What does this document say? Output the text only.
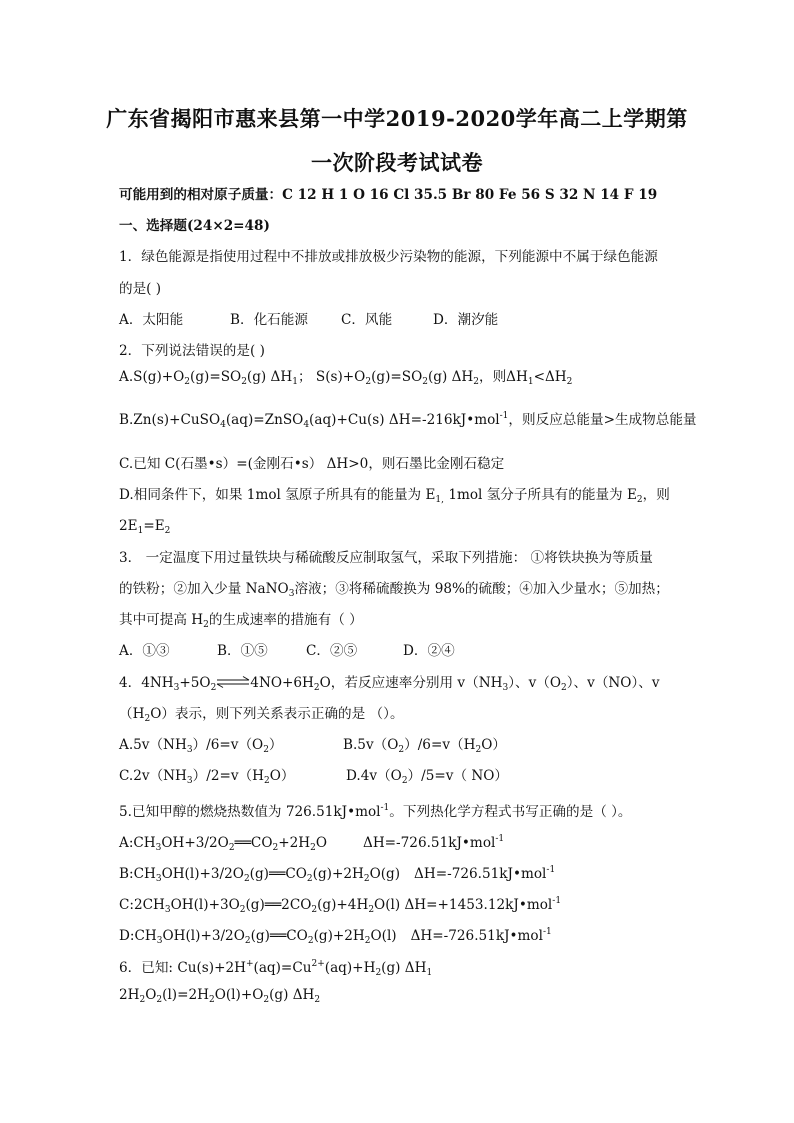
广东省揭阳市惠来县第一中学2019-2020学年高二上学期第
一次阶段考试试卷
可能用到的相对原子质量：C 12 H 1 O 16 Cl 35.5 Br 80 Fe 56 S 32 N 14 F 19
一、选择题(24×2=48)
1．绿色能源是指使用过程中不排放或排放极少污染物的能源，下列能源中不属于绿色能源
的是( )
A．太阳能	B．化石能源 C．风能	D．潮汐能
2．下列说法错误的是( )
$A.S(g)+O_2(g)=SO_2(g)$ $\Delta H_1$； $S(s)+O_2(g)=SO_2(g)$ $\Delta H_2$，则$\Delta H_1<\Delta H_2$
B.Zn(s)+CuSO$_4$(aq)=ZnSO$_4$(aq)+Cu(s) ΔH=-216kJ•mol$^{-1}$，则反应总能量>生成物总能量
C.已知 C(石墨•s）=(金刚石•s） ΔH>0，则石墨比金刚石稳定
D.相同条件下，如果 1mol 氢原子所具有的能量为 $E_{1,}$ 1mol 氢分子所具有的能量为 $E_2$，则
$2E_1=E_2$
3． 一定温度下用过量铁块与稀硫酸反应制取氢气，采取下列措施： ①将铁块换为等质量
的铁粉；②加入少量 NaNO$_3$溶液；③将稀硫酸换为 98%的硫酸；④加入少量水；⑤加热；
其中可提高 $H_2$的生成速率的措施有（ ）
A．①③	B．①⑤	C．②⑤	D．②④
4．$4NH_3+5O_2\rightleftharpoons 4NO+6H_2O$，若反应速率分别用 $v(NH_3)$、$v(O_2)$、v（NO）、v
$(H_2O)$表示，则下列关系表示正确的是 （）。
$A.5v(NH_3)/6=v(O_2)$	$B.5v(O_2)/6=v(H_2O)$
$C.2v(NH_3)/2=v(H_2O)$	$D.4v(O_2)/5=v$（ NO）
5.已知甲醇的燃烧热数值为 726.51kJ•mol$^{-1}$。下列热化学方程式书写正确的是（ ）。
$A:CH_3OH+3/2O_2══CO_2+2H_2O$	ΔH=-726.51kJ•mol$^{-1}$
$B:CH_3OH(l)+3/2O_2(g)══CO_2(g)+2H_2O(g)$ ΔH=-726.51kJ•mol$^{-1}$
$C:2CH_3OH(l)+3O_2(g)══2CO_2(g)+4H_2O(l)$ ΔH=+1453.12kJ•mol$^{-1}$
$D:CH_3OH(l)+3/2O_2(g)══CO_2(g)+2H_2O(l)$ ΔH=-726.51kJ•mol$^{-1}$
6．已知: $Cu(s)+2H^+(aq)=Cu^{2+}(aq)+H_2(g)$ $\Delta H_1$
$2H_2O_2(l)=2H_2O(l)+O_2(g)$ $\Delta H_2$
